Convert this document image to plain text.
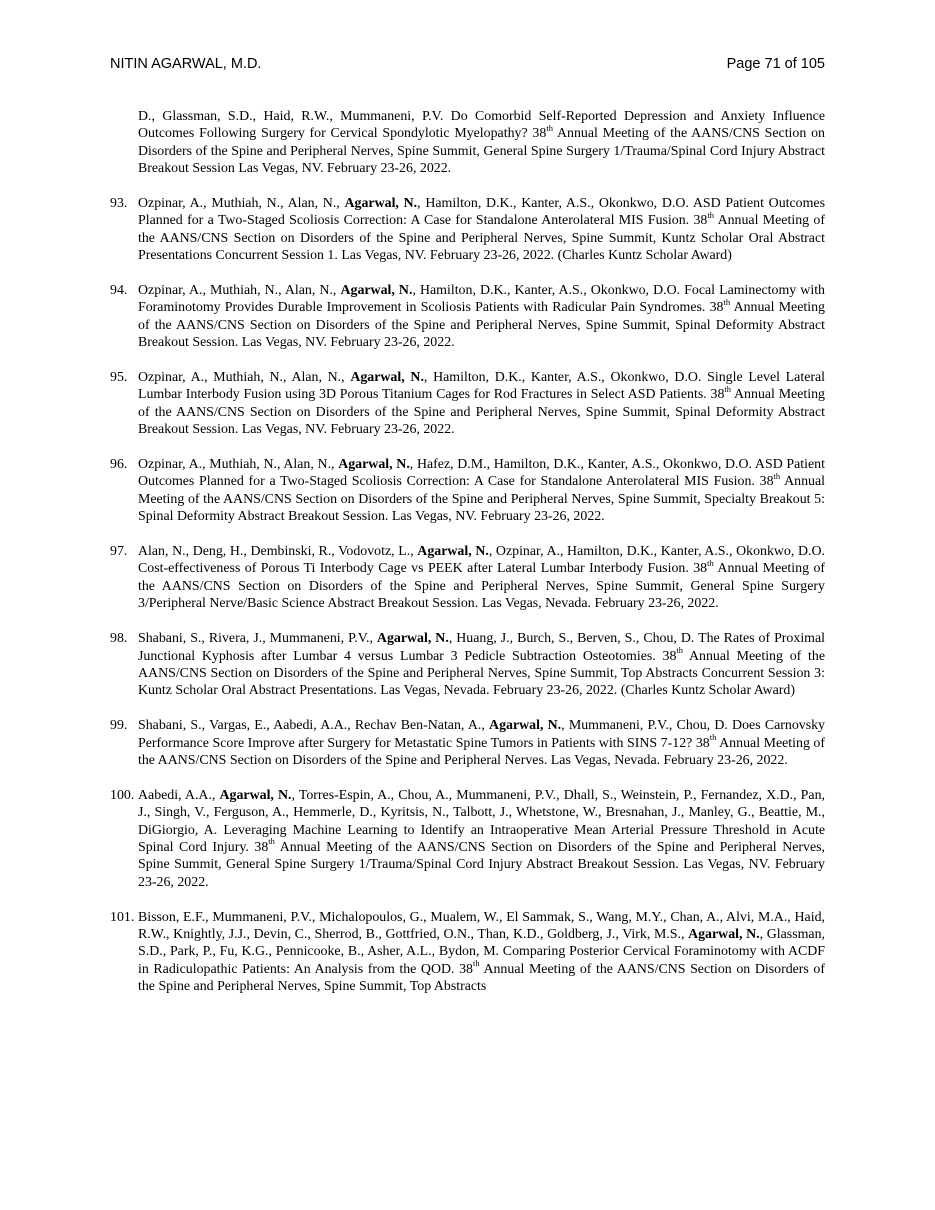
NITIN AGARWAL, M.D.	Page 71 of 105
D., Glassman, S.D., Haid, R.W., Mummaneni, P.V. Do Comorbid Self-Reported Depression and Anxiety Influence Outcomes Following Surgery for Cervical Spondylotic Myelopathy? 38th Annual Meeting of the AANS/CNS Section on Disorders of the Spine and Peripheral Nerves, Spine Summit, General Spine Surgery 1/Trauma/Spinal Cord Injury Abstract Breakout Session Las Vegas, NV. February 23-26, 2022.
93. Ozpinar, A., Muthiah, N., Alan, N., Agarwal, N., Hamilton, D.K., Kanter, A.S., Okonkwo, D.O. ASD Patient Outcomes Planned for a Two-Staged Scoliosis Correction: A Case for Standalone Anterolateral MIS Fusion. 38th Annual Meeting of the AANS/CNS Section on Disorders of the Spine and Peripheral Nerves, Spine Summit, Kuntz Scholar Oral Abstract Presentations Concurrent Session 1. Las Vegas, NV. February 23-26, 2022. (Charles Kuntz Scholar Award)
94. Ozpinar, A., Muthiah, N., Alan, N., Agarwal, N., Hamilton, D.K., Kanter, A.S., Okonkwo, D.O. Focal Laminectomy with Foraminotomy Provides Durable Improvement in Scoliosis Patients with Radicular Pain Syndromes. 38th Annual Meeting of the AANS/CNS Section on Disorders of the Spine and Peripheral Nerves, Spine Summit, Spinal Deformity Abstract Breakout Session. Las Vegas, NV. February 23-26, 2022.
95. Ozpinar, A., Muthiah, N., Alan, N., Agarwal, N., Hamilton, D.K., Kanter, A.S., Okonkwo, D.O. Single Level Lateral Lumbar Interbody Fusion using 3D Porous Titanium Cages for Rod Fractures in Select ASD Patients. 38th Annual Meeting of the AANS/CNS Section on Disorders of the Spine and Peripheral Nerves, Spine Summit, Spinal Deformity Abstract Breakout Session. Las Vegas, NV. February 23-26, 2022.
96. Ozpinar, A., Muthiah, N., Alan, N., Agarwal, N., Hafez, D.M., Hamilton, D.K., Kanter, A.S., Okonkwo, D.O. ASD Patient Outcomes Planned for a Two-Staged Scoliosis Correction: A Case for Standalone Anterolateral MIS Fusion. 38th Annual Meeting of the AANS/CNS Section on Disorders of the Spine and Peripheral Nerves, Spine Summit, Specialty Breakout 5: Spinal Deformity Abstract Breakout Session. Las Vegas, NV. February 23-26, 2022.
97. Alan, N., Deng, H., Dembinski, R., Vodovotz, L., Agarwal, N., Ozpinar, A., Hamilton, D.K., Kanter, A.S., Okonkwo, D.O. Cost-effectiveness of Porous Ti Interbody Cage vs PEEK after Lateral Lumbar Interbody Fusion. 38th Annual Meeting of the AANS/CNS Section on Disorders of the Spine and Peripheral Nerves, Spine Summit, General Spine Surgery 3/Peripheral Nerve/Basic Science Abstract Breakout Session. Las Vegas, Nevada. February 23-26, 2022.
98. Shabani, S., Rivera, J., Mummaneni, P.V., Agarwal, N., Huang, J., Burch, S., Berven, S., Chou, D. The Rates of Proximal Junctional Kyphosis after Lumbar 4 versus Lumbar 3 Pedicle Subtraction Osteotomies. 38th Annual Meeting of the AANS/CNS Section on Disorders of the Spine and Peripheral Nerves, Spine Summit, Top Abstracts Concurrent Session 3: Kuntz Scholar Oral Abstract Presentations. Las Vegas, Nevada. February 23-26, 2022. (Charles Kuntz Scholar Award)
99. Shabani, S., Vargas, E., Aabedi, A.A., Rechav Ben-Natan, A., Agarwal, N., Mummaneni, P.V., Chou, D. Does Carnovsky Performance Score Improve after Surgery for Metastatic Spine Tumors in Patients with SINS 7-12? 38th Annual Meeting of the AANS/CNS Section on Disorders of the Spine and Peripheral Nerves. Las Vegas, Nevada. February 23-26, 2022.
100. Aabedi, A.A., Agarwal, N., Torres-Espin, A., Chou, A., Mummaneni, P.V., Dhall, S., Weinstein, P., Fernandez, X.D., Pan, J., Singh, V., Ferguson, A., Hemmerle, D., Kyritsis, N., Talbott, J., Whetstone, W., Bresnahan, J., Manley, G., Beattie, M., DiGiorgio, A. Leveraging Machine Learning to Identify an Intraoperative Mean Arterial Pressure Threshold in Acute Spinal Cord Injury. 38th Annual Meeting of the AANS/CNS Section on Disorders of the Spine and Peripheral Nerves, Spine Summit, General Spine Surgery 1/Trauma/Spinal Cord Injury Abstract Breakout Session. Las Vegas, NV. February 23-26, 2022.
101. Bisson, E.F., Mummaneni, P.V., Michalopoulos, G., Mualem, W., El Sammak, S., Wang, M.Y., Chan, A., Alvi, M.A., Haid, R.W., Knightly, J.J., Devin, C., Sherrod, B., Gottfried, O.N., Than, K.D., Goldberg, J., Virk, M.S., Agarwal, N., Glassman, S.D., Park, P., Fu, K.G., Pennicooke, B., Asher, A.L., Bydon, M. Comparing Posterior Cervical Foraminotomy with ACDF in Radiculopathic Patients: An Analysis from the QOD. 38th Annual Meeting of the AANS/CNS Section on Disorders of the Spine and Peripheral Nerves, Spine Summit, Top Abstracts
